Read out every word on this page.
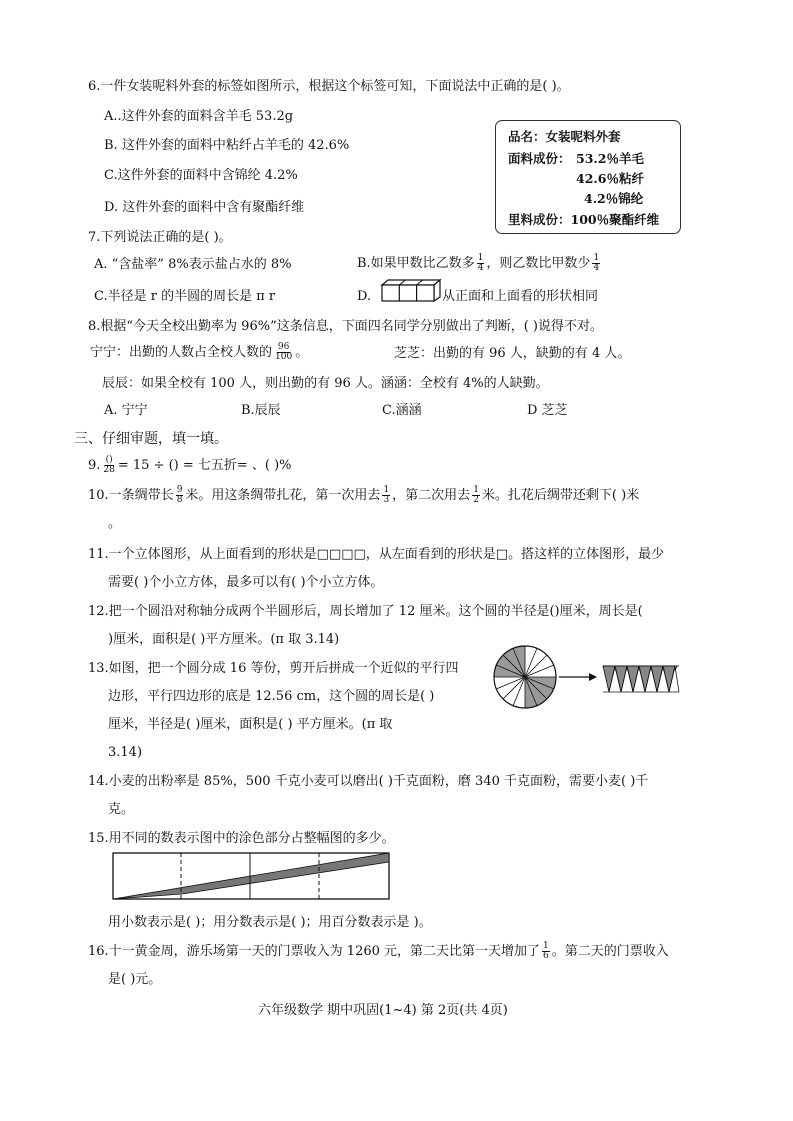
6.一件女装呢料外套的标签如图所示，根据这个标签可知，下面说法中正确的是( )。
A..这件外套的面料含羊毛 53.2g
B. 这件外套的面料中粘纤占羊毛的 42.6%
C.这件外套的面料中含锦纶 4.2%
D. 这件外套的面料中含有聚酯纤维
品名：女装呢料外套
面料成份： 53.2％羊毛
42.6％粘纤
4.2％锦纶
里料成份：100％聚酯纤维
7.下列说法正确的是( )。
A. “含盐率” 8%表示盐占水的 8%	B.如果甲数比乙数多 $\frac{1}{4}$ ，则乙数比甲数少 $\frac{1}{4}$
C.半径是 r 的半圆的周长是 π r	D.	从正面和上面看的形状相同
8.根据“今天全校出勤率为 96%”这条信息，下面四名同学分别做出了判断，( )说得不对。
宁宁：出勤的人数占全校人数的 $\frac{96}{100}$ 。	芝芝：出勤的有 96 人，缺勤的有 4 人。
辰辰：如果全校有 100 人，则出勤的有 96 人。涵涵：全校有 4%的人缺勤。
A. 宁宁	B.辰辰	C.涵涵	D 芝芝
三、仔细审题，填一填。
9. $\frac{()}{28} = 15$ ÷ () = 七五折= 、( )%
10.一条绸带长 $\frac{9}{8}$ 米。用这条绸带扎花，第一次用去 $\frac{1}{3}$ ，第二次用去 $\frac{1}{2}$ 米。扎花后绸带还剩下( )米
。
11.一个立体图形，从上面看到的形状是□□□□，从左面看到的形状是□。搭这样的立体图形，最少
需要( )个小立方体，最多可以有( )个小立方体。
12.把一个圆沿对称轴分成两个半圆形后，周长增加了 12 厘米。这个圆的半径是()厘米，周长是(
)厘米，面积是( )平方厘米。(π 取 3.14)
13.如图，把一个圆分成 16 等份，剪开后拼成一个近似的平行四
边形，平行四边形的底是 12.56 cm，这个圆的周长是( )
厘米，半径是( )厘米，面积是( ) 平方厘米。(π 取
3.14)
14.小麦的出粉率是 85%，500 千克小麦可以磨出( )千克面粉，磨 340 千克面粉，需要小麦( )千
克。
15.用不同的数表示图中的涂色部分占整幅图的多少。
用小数表示是( )；用分数表示是( )；用百分数表示是 )。
16.十一黄金周，游乐场第一天的门票收入为 1260 元，第二天比第一天增加了 $\frac{1}{6}$ 。第二天的门票收入
是( )元。
六年级数学 期中巩固(1~4) 第 2页(共 4页)
